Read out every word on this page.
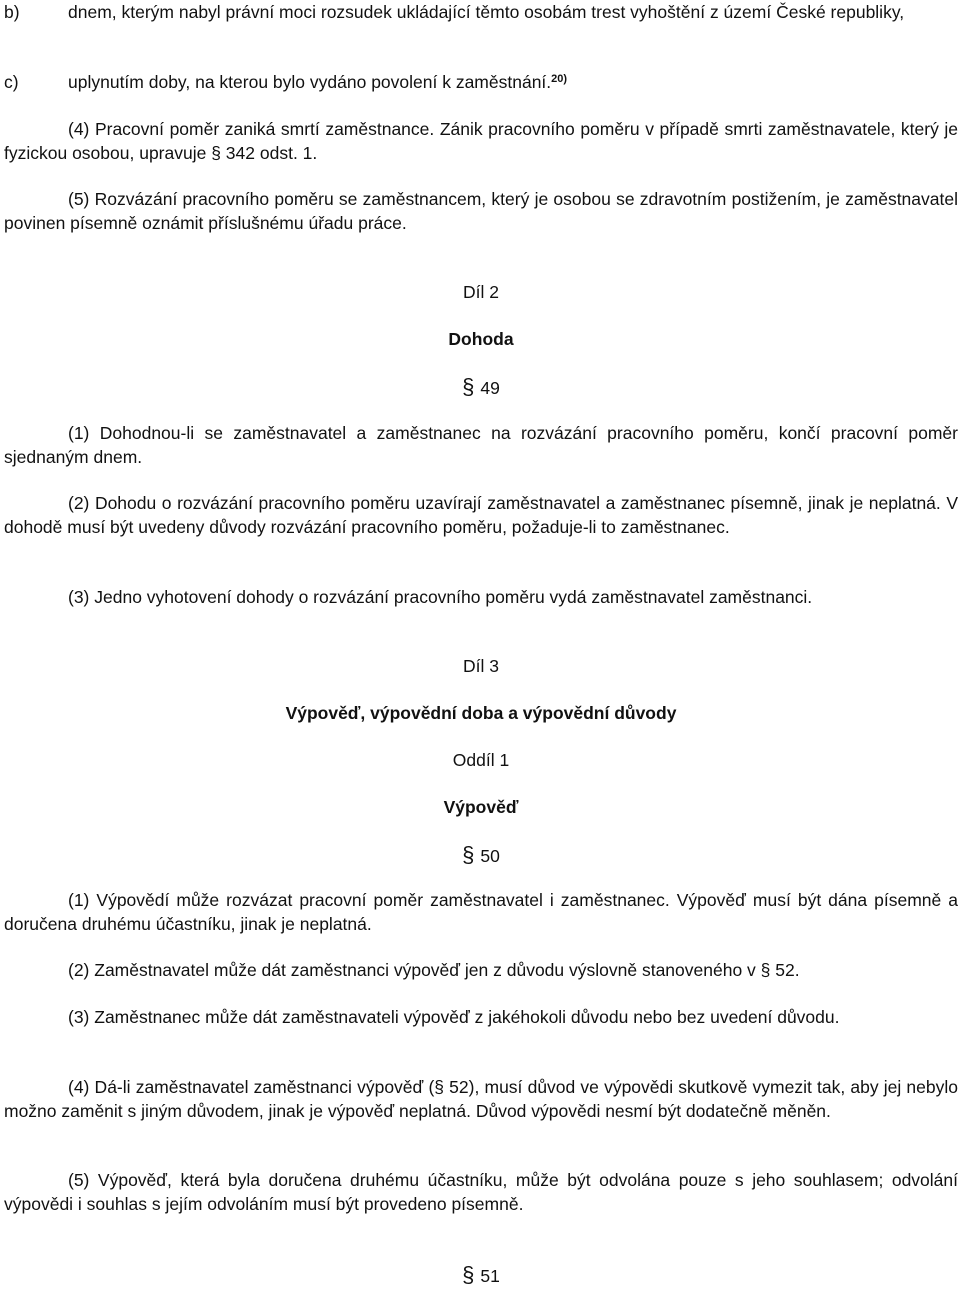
b)	dnem, kterým nabyl právní moci rozsudek ukládající těmto osobám trest vyhoštění z území České republiky,
c)	uplynutím doby, na kterou bylo vydáno povolení k zaměstnání.$^{20)}$

(4) Pracovní poměr zaniká smrtí zaměstnance. Zánik pracovního poměru v případě smrti zaměstnavatele, který je fyzickou osobou, upravuje § 342 odst. 1.

(5) Rozvázání pracovního poměru se zaměstnancem, který je osobou se zdravotním postižením, je zaměstnavatel povinen písemně oznámit příslušnému úřadu práce.

Díl 2
Dohoda
§ 49

(1) Dohodnou-li se zaměstnavatel a zaměstnanec na rozvázání pracovního poměru, končí pracovní poměr sjednaným dnem.

(2) Dohodu o rozvázání pracovního poměru uzavírají zaměstnavatel a zaměstnanec písemně, jinak je neplatná. V dohodě musí být uvedeny důvody rozvázání pracovního poměru, požaduje-li to zaměstnanec.

(3) Jedno vyhotovení dohody o rozvázání pracovního poměru vydá zaměstnavatel zaměstnanci.

Díl 3
Výpověď, výpovědní doba a výpovědní důvody
Oddíl 1
Výpověď
§ 50

(1) Výpovědí může rozvázat pracovní poměr zaměstnavatel i zaměstnanec. Výpověď musí být dána písemně a doručena druhému účastníku, jinak je neplatná.

(2) Zaměstnavatel může dát zaměstnanci výpověď jen z důvodu výslovně stanoveného v § 52.

(3) Zaměstnanec může dát zaměstnavateli výpověď z jakéhokoli důvodu nebo bez uvedení důvodu.

(4) Dá-li zaměstnavatel zaměstnanci výpověď (§ 52), musí důvod ve výpovědi skutkově vymezit tak, aby jej nebylo možno zaměnit s jiným důvodem, jinak je výpověď neplatná. Důvod výpovědi nesmí být dodatečně měněn.

(5) Výpověď, která byla doručena druhému účastníku, může být odvolána pouze s jeho souhlasem; odvolání výpovědi i souhlas s jejím odvoláním musí být provedeno písemně.

§ 51
